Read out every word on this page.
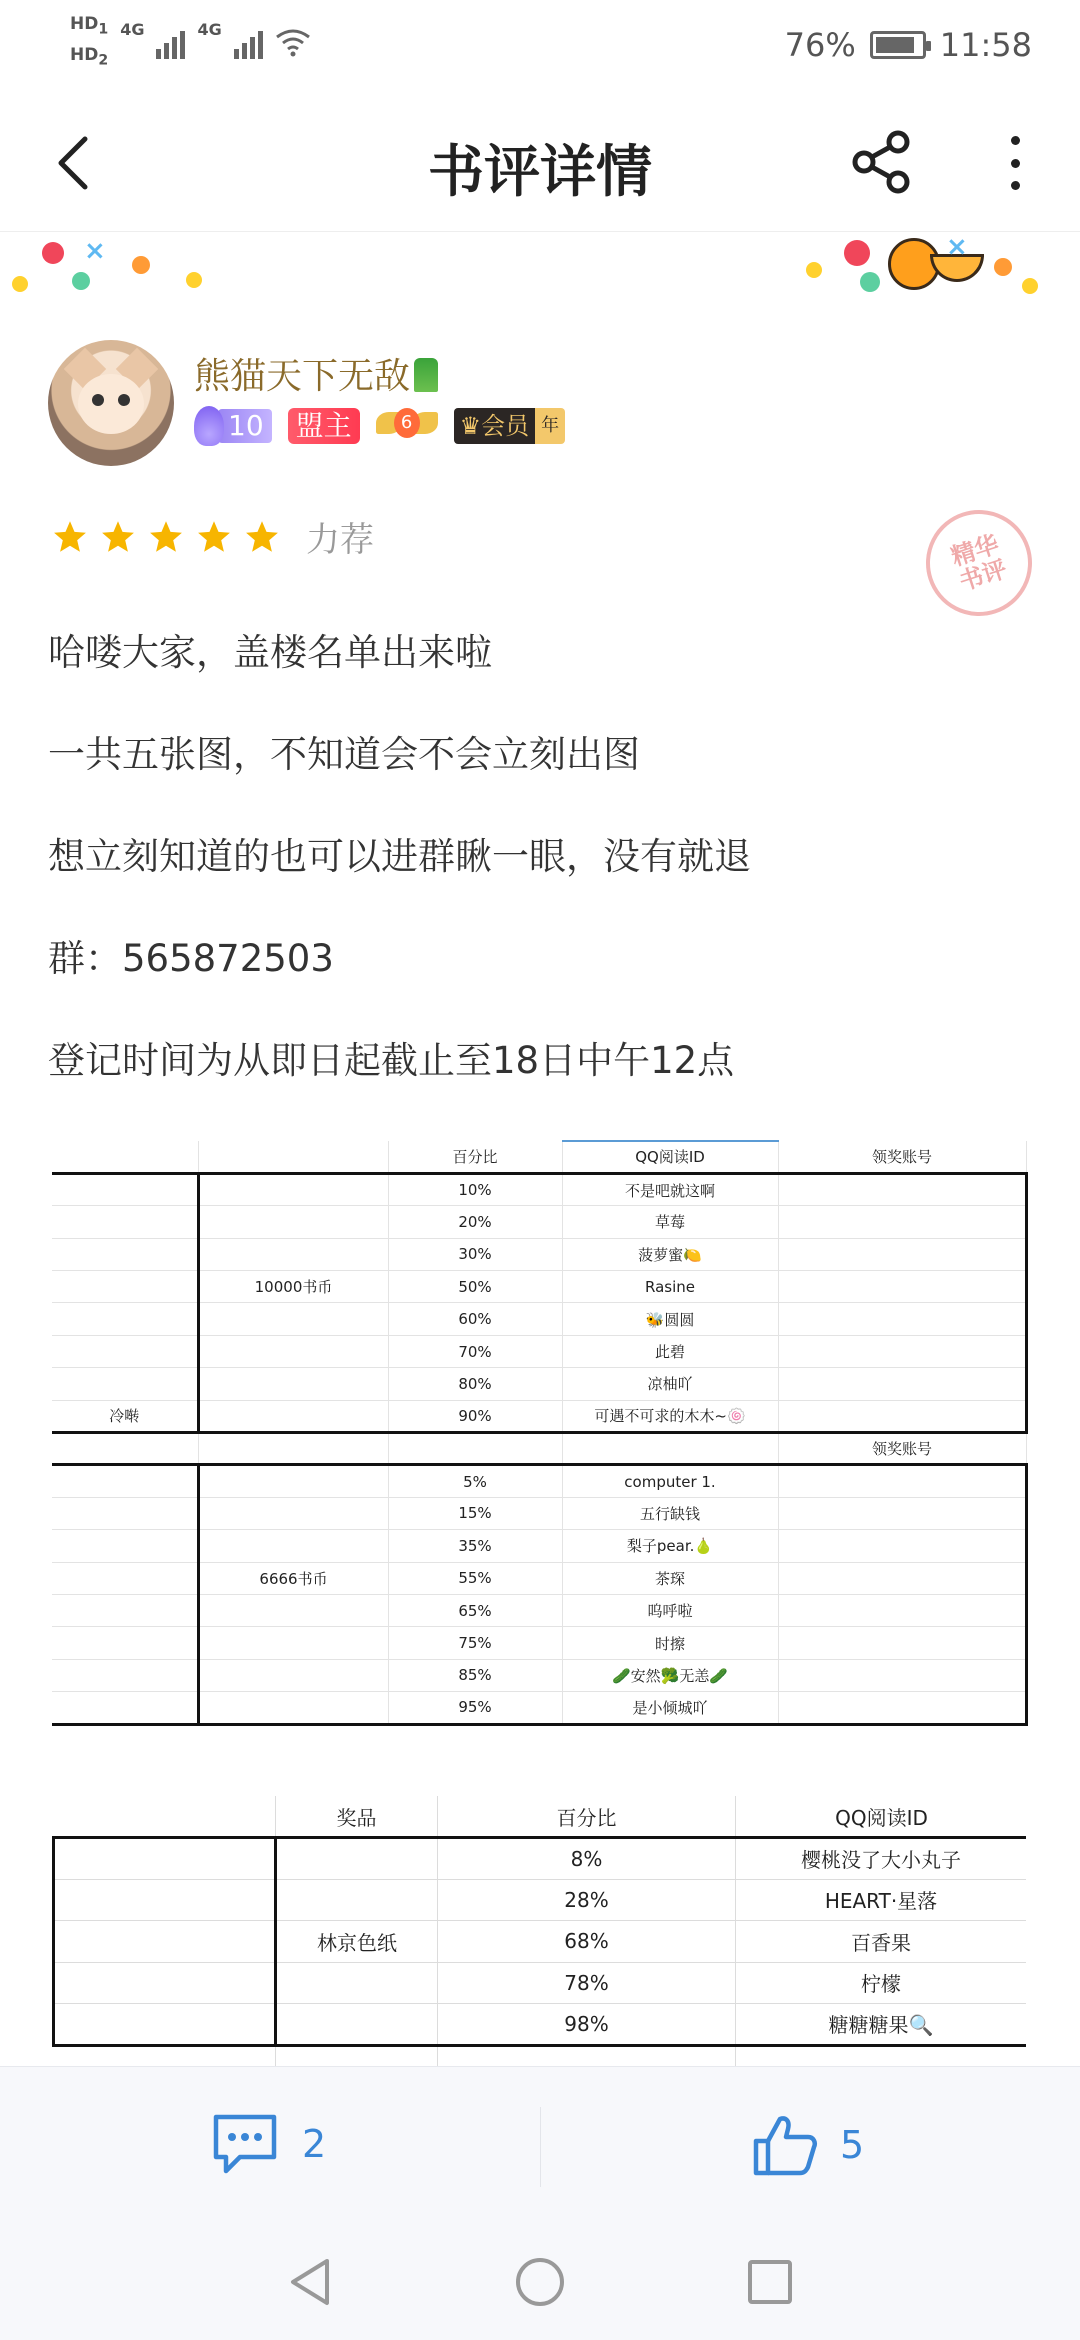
$HD_1$
$HD_2$
4G	4G	76%	11:58
书评详情
×	×
熊猫天下无敌
10 盟主	6	♛会员 年
力荐	精华书评
哈喽大家，盖楼名单出来啦
一共五张图，不知道会不会立刻出图
想立刻知道的也可以进群瞅一眼，没有就退
群：565872503
登记时间为从即日起截止至18日中午12点
		百分比	QQ阅读ID	领奖账号
		10%	不是吧就这啊	
		20%	草莓	
		30%	菠萝蜜🍋	
	10000书币	50%	Rasine	
		60%	🐝圆圆	
		70%	此碧	
		80%	凉柚吖	
冷啭		90%	可遇不可求的木木~🍥	
				领奖账号
		5%	computer 1.	
		15%	五行缺钱	
		35%	梨子pear.🍐	
	6666书币	55%	茶琛	
		65%	呜呼啦	
		75%	时擦	
		85%	🥒安然🥦无恙🥒	
		95%	是小倾城吖	
	奖品	百分比	QQ阅读ID
		8%	樱桃没了大小丸子
		28%	HEART·星落
	林京色纸	68%	百香果
		78%	柠檬
		98%	糖糖糖果🔍

2	5
